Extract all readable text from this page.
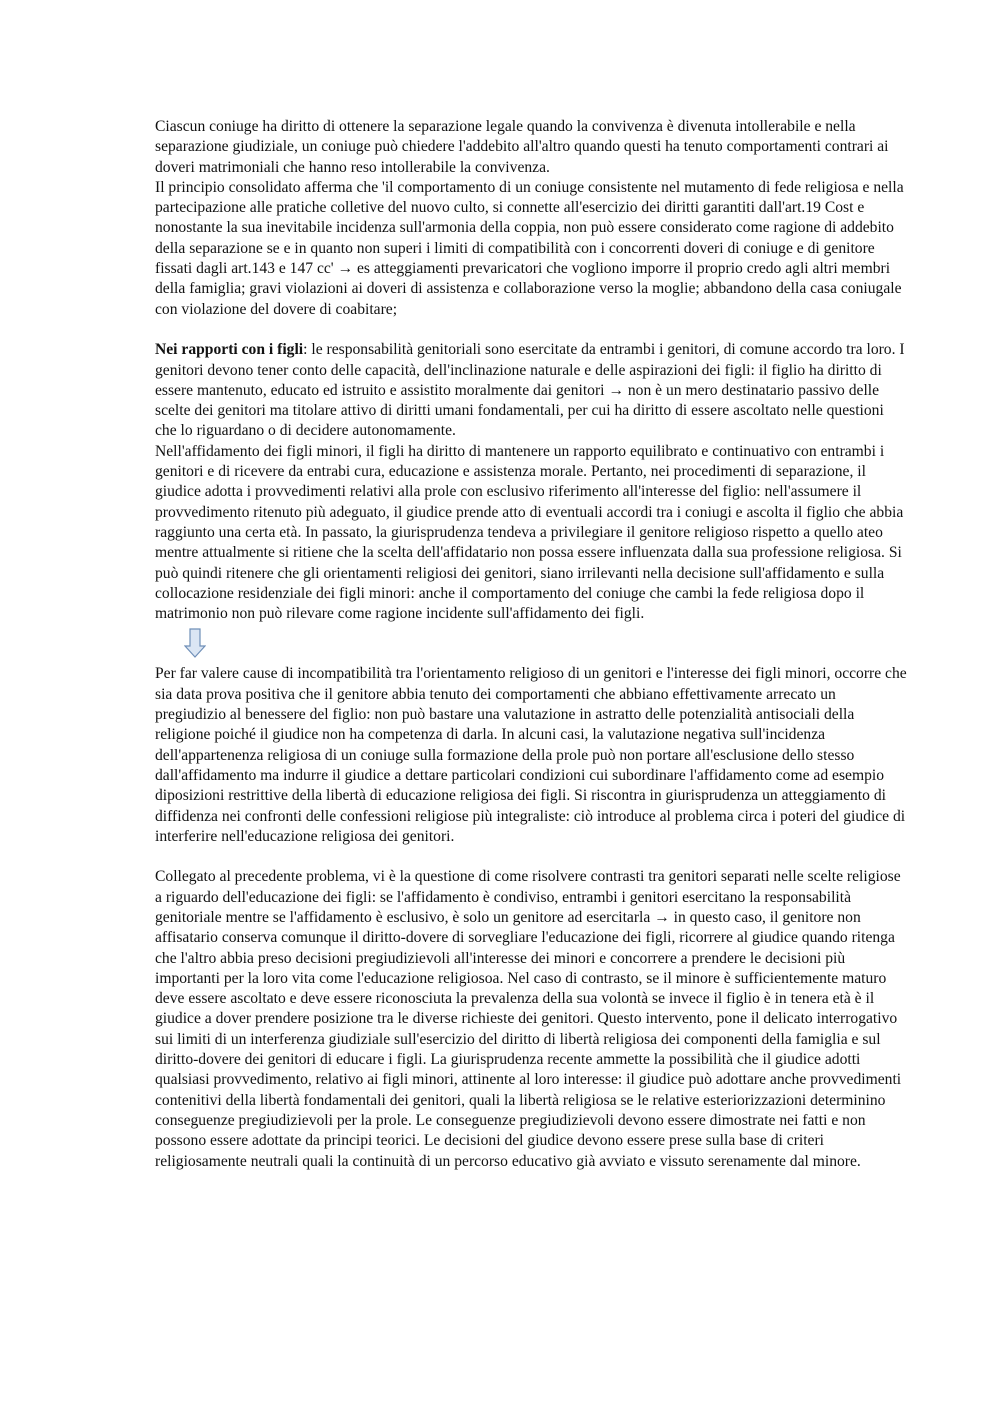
Ciascun coniuge ha diritto di ottenere la separazione legale quando la convivenza è divenuta intollerabile e nella separazione giudiziale, un coniuge può chiedere l'addebito all'altro quando questi ha tenuto comportamenti contrari ai doveri matrimoniali che hanno reso intollerabile la convivenza.

Il principio consolidato afferma che 'il comportamento di un coniuge consistente nel mutamento di fede religiosa e nella partecipazione alle pratiche colletive del nuovo culto, si connette all'esercizio dei diritti garantiti dall'art.19 Cost e nonostante la sua inevitabile incidenza sull'armonia della coppia, non può essere considerato come ragione di addebito della separazione se e in quanto non superi i limiti di compatibilità con i concorrenti doveri di coniuge e di genitore fissati dagli art.143 e 147 cc' → es atteggiamenti prevaricatori che vogliono imporre il proprio credo agli altri membri della famiglia; gravi violazioni ai doveri di assistenza e collaborazione verso la moglie; abbandono della casa coniugale con violazione del dovere di coabitare;

Nei rapporti con i figli: le responsabilità genitoriali sono esercitate da entrambi i genitori, di comune accordo tra loro. I genitori devono tener conto delle capacità, dell'inclinazione naturale e delle aspirazioni dei figli: il figlio ha diritto di essere mantenuto, educato ed istruito e assistito moralmente dai genitori → non è un mero destinatario passivo delle scelte dei genitori ma titolare attivo di diritti umani fondamentali, per cui ha diritto di essere ascoltato nelle questioni che lo riguardano o di decidere autonomamente.

Nell'affidamento dei figli minori, il figli ha diritto di mantenere un rapporto equilibrato e continuativo con entrambi i genitori e di ricevere da entrabi cura, educazione e assistenza morale. Pertanto, nei procedimenti di separazione, il giudice adotta i provvedimenti relativi alla prole con esclusivo riferimento all'interesse del figlio: nell'assumere il provvedimento ritenuto più adeguato, il giudice prende atto di eventuali accordi tra i coniugi e ascolta il figlio che abbia raggiunto una certa età. In passato, la giurisprudenza tendeva a privilegiare il genitore religioso rispetto a quello ateo mentre attualmente si ritiene che la scelta dell'affidatario non possa essere influenzata dalla sua professione religiosa. Si può quindi ritenere che gli orientamenti religiosi dei genitori, siano irrilevanti nella decisione sull'affidamento e sulla collocazione residenziale dei figli minori: anche il comportamento del coniuge che cambi la fede religiosa dopo il matrimonio non può rilevare come ragione incidente sull'affidamento dei figli.

Per far valere cause di incompatibilità tra l'orientamento religioso di un genitori e l'interesse dei figli minori, occorre che sia data prova positiva che il genitore abbia tenuto dei comportamenti che abbiano effettivamente arrecato un pregiudizio al benessere del figlio: non può bastare una valutazione in astratto delle potenzialità antisociali della religione poiché il giudice non ha competenza di darla. In alcuni casi, la valutazione negativa sull'incidenza dell'appartenenza religiosa di un coniuge sulla formazione della prole può non portare all'esclusione dello stesso dall'affidamento ma indurre il giudice a dettare particolari condizioni cui subordinare l'affidamento come ad esempio diposizioni restrittive della libertà di educazione religiosa dei figli. Si riscontra in giurisprudenza un atteggiamento di diffidenza nei confronti delle confessioni religiose più integraliste: ciò introduce al problema circa i poteri del giudice di interferire nell'educazione religiosa dei genitori.

Collegato al precedente problema, vi è la questione di come risolvere contrasti tra genitori separati nelle scelte religiose a riguardo dell'educazione dei figli: se l'affidamento è condiviso, entrambi i genitori esercitano la responsabilità genitoriale mentre se l'affidamento è esclusivo, è solo un genitore ad esercitarla → in questo caso, il genitore non affisatario conserva comunque il diritto-dovere di sorvegliare l'educazione dei figli, ricorrere al giudice quando ritenga che l'altro abbia preso decisioni pregiudizievoli all'interesse dei minori e concorrere a prendere le decisioni più importanti per la loro vita come l'educazione religiosoa. Nel caso di contrasto, se il minore è sufficientemente maturo deve essere ascoltato e deve essere riconosciuta la prevalenza della sua volontà se invece il figlio è in tenera età è il giudice a dover prendere posizione tra le diverse richieste dei genitori. Questo intervento, pone il delicato interrogativo sui limiti di un interferenza giudiziale sull'esercizio del diritto di libertà religiosa dei componenti della famiglia e sul diritto-dovere dei genitori di educare i figli. La giurisprudenza recente ammette la possibilità che il giudice adotti qualsiasi provvedimento, relativo ai figli minori, attinente al loro interesse: il giudice può adottare anche provvedimenti contenitivi della libertà fondamentali dei genitori, quali la libertà religiosa se le relative esteriorizzazioni determinino conseguenze pregiudizievoli per la prole. Le conseguenze pregiudizievoli devono essere dimostrate nei fatti e non possono essere adottate da principi teorici. Le decisioni del giudice devono essere prese sulla base di criteri religiosamente neutrali quali la continuità di un percorso educativo già avviato e vissuto serenamente dal minore.
